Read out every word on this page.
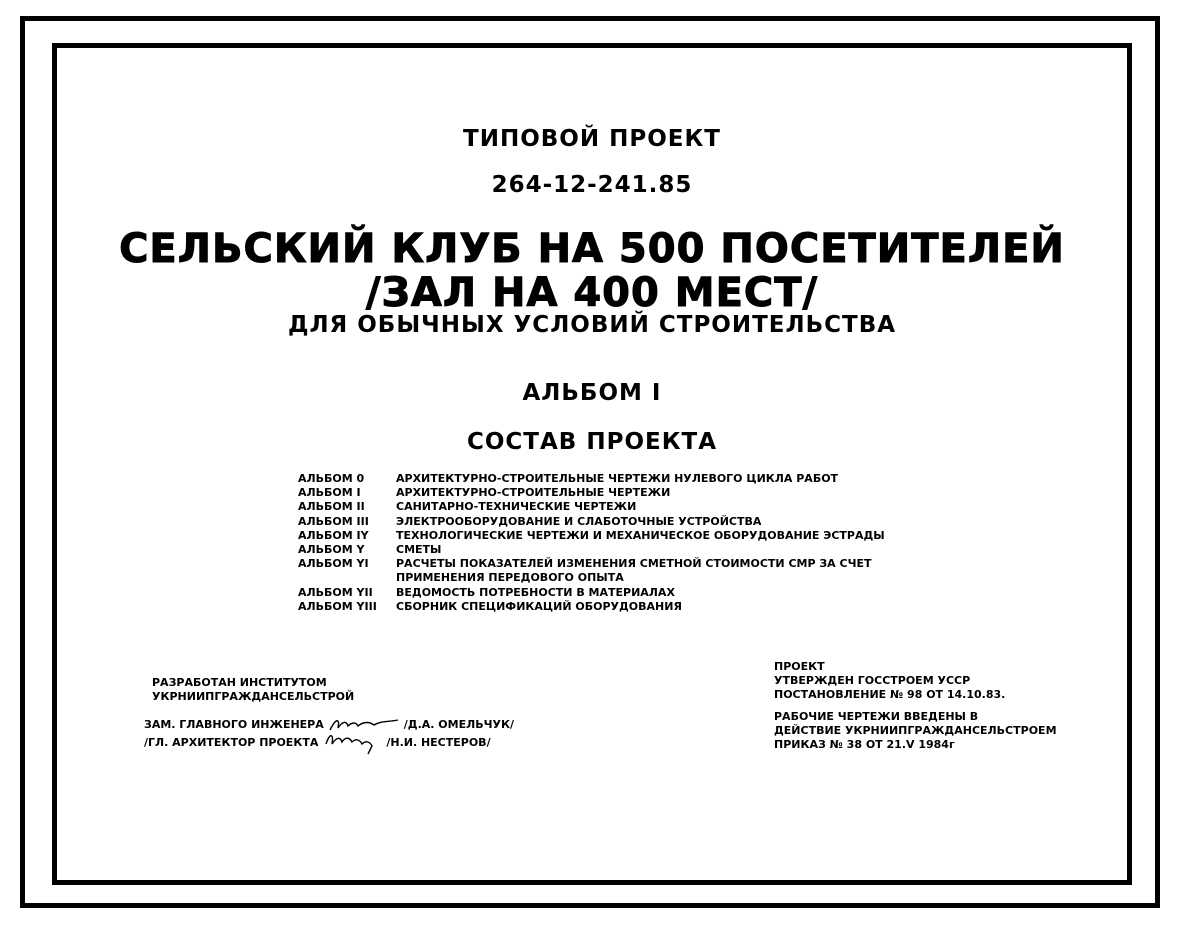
ТИПОВОЙ ПРОЕКТ
264-12-241.85
СЕЛЬСКИЙ КЛУБ НА 500 ПОСЕТИТЕЛЕЙ
/ЗАЛ НА 400 МЕСТ/
ДЛЯ ОБЫЧНЫХ УСЛОВИЙ СТРОИТЕЛЬСТВА
АЛЬБОМ I
СОСТАВ ПРОЕКТА
АЛЬБОМ 0	АРХИТЕКТУРНО-СТРОИТЕЛЬНЫЕ ЧЕРТЕЖИ НУЛЕВОГО ЦИКЛА РАБОТ
АЛЬБОМ I	АРХИТЕКТУРНО-СТРОИТЕЛЬНЫЕ ЧЕРТЕЖИ
АЛЬБОМ II	САНИТАРНО-ТЕХНИЧЕСКИЕ ЧЕРТЕЖИ
АЛЬБОМ III	ЭЛЕКТРООБОРУДОВАНИЕ И СЛАБОТОЧНЫЕ УСТРОЙСТВА
АЛЬБОМ IY	ТЕХНОЛОГИЧЕСКИЕ ЧЕРТЕЖИ И МЕХАНИЧЕСКОЕ ОБОРУДОВАНИЕ ЭСТРАДЫ
АЛЬБОМ Y	СМЕТЫ
АЛЬБОМ YI	РАСЧЕТЫ ПОКАЗАТЕЛЕЙ ИЗМЕНЕНИЯ СМЕТНОЙ СТОИМОСТИ СМР ЗА СЧЕТ
ПРИМЕНЕНИЯ ПЕРЕДОВОГО ОПЫТА
АЛЬБОМ YII	ВЕДОМОСТЬ ПОТРЕБНОСТИ В МАТЕРИАЛАХ
АЛЬБОМ YIII	СБОРНИК СПЕЦИФИКАЦИЙ ОБОРУДОВАНИЯ
РАЗРАБОТАН ИНСТИТУТОМ
УКРНИИПГРАЖДАНСЕЛЬСТРОЙ
ЗАМ. ГЛАВНОГО ИНЖЕНЕРА	/Д.А. ОМЕЛЬЧУК/
/ГЛ. АРХИТЕКТОР ПРОЕКТА	/Н.И. НЕСТЕРОВ/
ПРОЕКТ
УТВЕРЖДЕН ГОССТРОЕМ УССР
ПОСТАНОВЛЕНИЕ № 98 ОТ 14.10.83.
РАБОЧИЕ ЧЕРТЕЖИ ВВЕДЕНЫ В
ДЕЙСТВИЕ УКРНИИПГРАЖДАНСЕЛЬСТРОЕМ
ПРИКАЗ № 38 ОТ 21.V 1984г
